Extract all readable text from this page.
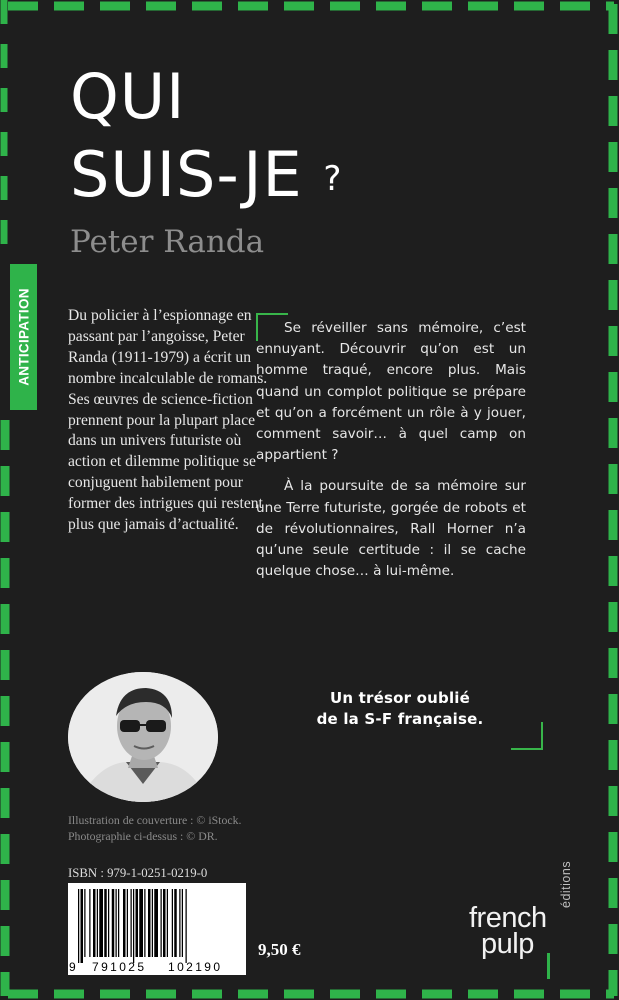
QUI
SUIS-JE ?
Peter Randa
ANTICIPATION Du policier à l’espionnage en passant par l’angoisse, Peter Randa (1911-1979) a écrit un nombre incalculable de romans. Ses œuvres de science-fiction prennent pour la plupart place dans un univers futuriste où action et dilemme politique se conjuguent habilement pour former des intrigues qui restent plus que jamais d’actualité.

Se réveiller sans mémoire, c’est ennuyant. Découvrir qu’on est un homme traqué, encore plus. Mais quand un complot politique se prépare et qu’on a forcément un rôle à y jouer, comment savoir… à quel camp on appartient ?

À la poursuite de sa mémoire sur une Terre futuriste, gorgée de robots et de révolutionnaires, Rall Horner n’a qu’une seule certitude : il se cache quelque chose… à lui-même.

Un trésor oublié
de la S-F française.
Illustration de couverture : © iStock.
Photographie ci-dessus : © DR.
ISBN : 979-1-0251-0219-0
9 791025 102190
9,50 €
french
pulp
éditions
